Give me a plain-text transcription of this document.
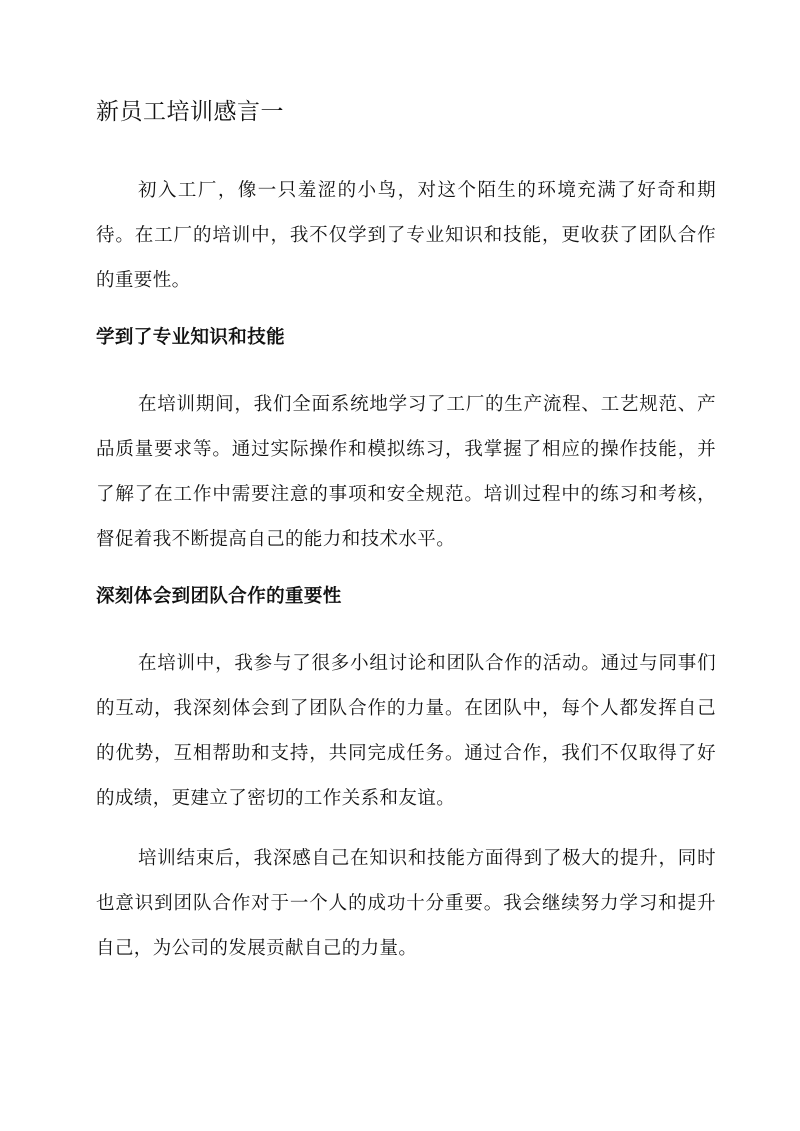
新员工培训感言一

初入工厂，像一只羞涩的小鸟，对这个陌生的环境充满了好奇和期待。在工厂的培训中，我不仅学到了专业知识和技能，更收获了团队合作的重要性。

学到了专业知识和技能

在培训期间，我们全面系统地学习了工厂的生产流程、工艺规范、产品质量要求等。通过实际操作和模拟练习，我掌握了相应的操作技能，并了解了在工作中需要注意的事项和安全规范。培训过程中的练习和考核，督促着我不断提高自己的能力和技术水平。

深刻体会到团队合作的重要性

在培训中，我参与了很多小组讨论和团队合作的活动。通过与同事们的互动，我深刻体会到了团队合作的力量。在团队中，每个人都发挥自己的优势，互相帮助和支持，共同完成任务。通过合作，我们不仅取得了好的成绩，更建立了密切的工作关系和友谊。

培训结束后，我深感自己在知识和技能方面得到了极大的提升，同时也意识到团队合作对于一个人的成功十分重要。我会继续努力学习和提升自己，为公司的发展贡献自己的力量。
